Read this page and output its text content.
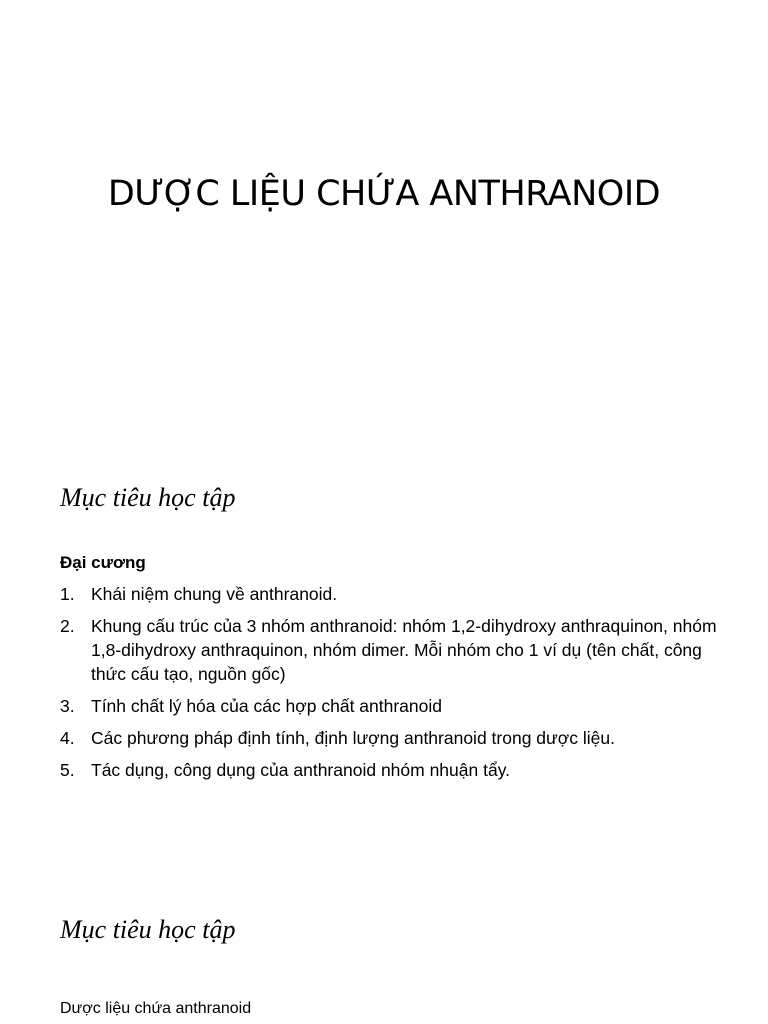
DƯỢC LIỆU CHỨA ANTHRANOID
Mục tiêu học tập

Đại cương

1. Khái niệm chung về anthranoid.
2. Khung cấu trúc của 3 nhóm anthranoid: nhóm 1,2-dihydroxy anthraquinon, nhóm 1,8-dihydroxy anthraquinon, nhóm dimer. Mỗi nhóm cho 1 ví dụ (tên chất, công thức cấu tạo, nguồn gốc)
3. Tính chất lý hóa của các hợp chất anthranoid
4. Các phương pháp định tính, định lượng anthranoid trong dược liệu.
5. Tác dụng, công dụng của anthranoid nhóm nhuận tẩy.
Mục tiêu học tập

Dược liệu chứa anthranoid
